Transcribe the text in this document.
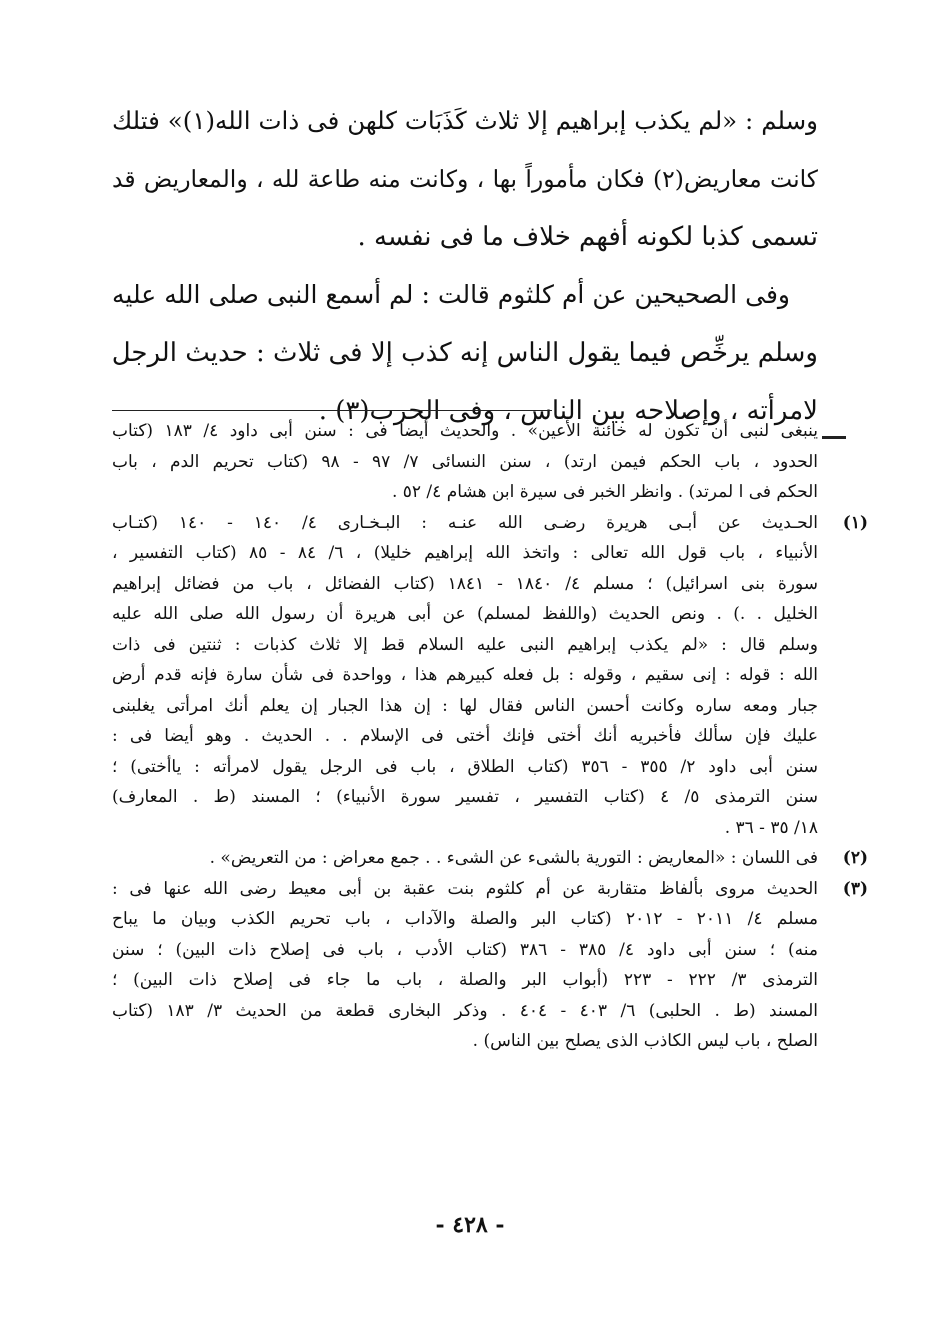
وسلم : «لم يكذب إبراهيم إلا ثلاث كَذَبَات كلهن فى ذات الله(١)» فتلك
كانت معاريض(٢) فكان مأموراً بها ، وكانت منه طاعة لله ، والمعاريض قد
تسمى كذبا لكونه أفهم خلاف ما فى نفسه .
وفى الصحيحين عن أم كلثوم قالت : لم أسمع النبى صلى الله عليه
وسلم يرخِّص فيما يقول الناس إنه كذب إلا فى ثلاث : حديث الرجل
لامرأته ، وإصلاحه بين الناس ، وفى الحرب(٣) .
ينبغى لنبى أن تكون له خائنة الأعين» . والحديث أيضا فى : سنن أبى داود ٤/ ١٨٣ (كتاب
الحدود ، باب الحكم فيمن ارتد) ، سنن النسائى ٧/ ٩٧ - ٩٨ (كتاب تحريم الدم ، باب
الحكم فى ا لمرتد) . وانظر الخبر فى سيرة ابن هشام ٤/ ٥٢ .
(١)
الحـديث عن أبـى هريرة رضـى الله عنـه : البـخـارى ٤/ ١٤٠ - ١٤٠ (كتـاب
الأنبياء ، باب قول الله تعالى : واتخذ الله إبراهيم خليلا) ، ٦/ ٨٤ - ٨٥ (كتاب التفسير ،
سورة بنى اسرائيل) ؛ مسلم ٤/ ١٨٤٠ - ١٨٤١ (كتاب الفضائل ، باب من فضائل إبراهيم
الخليل . .) . ونص الحديث (واللفظ لمسلم) عن أبى هريرة أن رسول الله صلى الله عليه
وسلم قال : «لم يكذب إبراهيم النبى عليه السلام قط إلا ثلاث كذبات : ثنتين فى ذات
الله : قوله : إنى سقيم ، وقوله : بل فعله كبيرهم هذا ، وواحدة فى شأن سارة فإنه قدم أرض
جبار ومعه ساره وكانت أحسن الناس فقال لها : إن هذا الجبار إن يعلم أنك امرأتى يغلبنى
عليك فإن سألك فأخبريه أنك أختى فإنك أختى فى الإسلام . . الحديث . وهو أيضا فى :
سنن أبى داود ٢/ ٣٥٥ - ٣٥٦ (كتاب الطلاق ، باب فى الرجل يقول لامرأته : ياأختى) ؛
سنن الترمذى ٥/ ٤ (كتاب التفسير ، تفسير سورة الأنبياء) ؛ المسند (ط . المعارف)
١٨/ ٣٥ - ٣٦ .
(٢)
فى اللسان : «المعاريض : التورية بالشىء عن الشىء . . جمع معراض : من التعريض» .
(٣)
الحديث مروى بألفاظ متقاربة عن أم كلثوم بنت عقبة بن أبى معيط رضى الله عنها فى :
مسلم ٤/ ٢٠١١ - ٢٠١٢ (كتاب البر والصلة والآداب ، باب تحريم الكذب وبيان ما يباح
منه) ؛ سنن أبى داود ٤/ ٣٨٥ - ٣٨٦ (كتاب الأدب ، باب فى إصلاح ذات البين) ؛ سنن
الترمذى ٣/ ٢٢٢ - ٢٢٣ (أبواب البر والصلة ، باب ما جاء فى إصلاح ذات البين) ؛
المسند (ط . الحلبى) ٦/ ٤٠٣ - ٤٠٤ . وذكر البخارى قطعة من الحديث ٣/ ١٨٣ (كتاب
الصلح ، باب ليس الكاذب الذى يصلح بين الناس) .
- ٤٢٨ -
